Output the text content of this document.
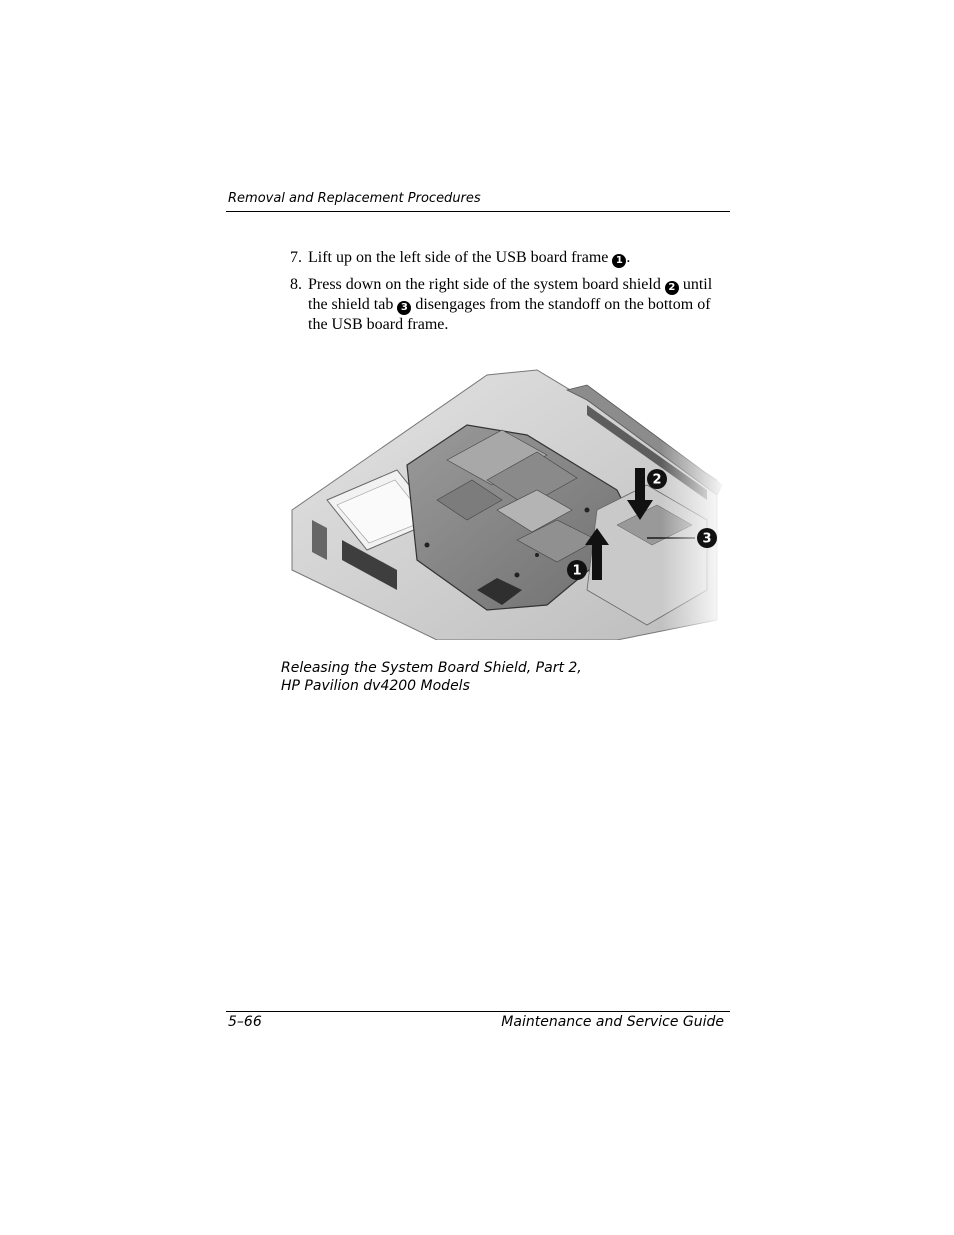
Removal and Replacement Procedures
7. Lift up on the left side of the USB board frame 1 .
8. Press down on the right side of the system board shield 2 until the shield tab 3 disengages from the standoff on the bottom of the USB board frame.
1
2
3
Releasing the System Board Shield, Part 2,
HP Pavilion dv4200 Models
5–66	Maintenance and Service Guide
